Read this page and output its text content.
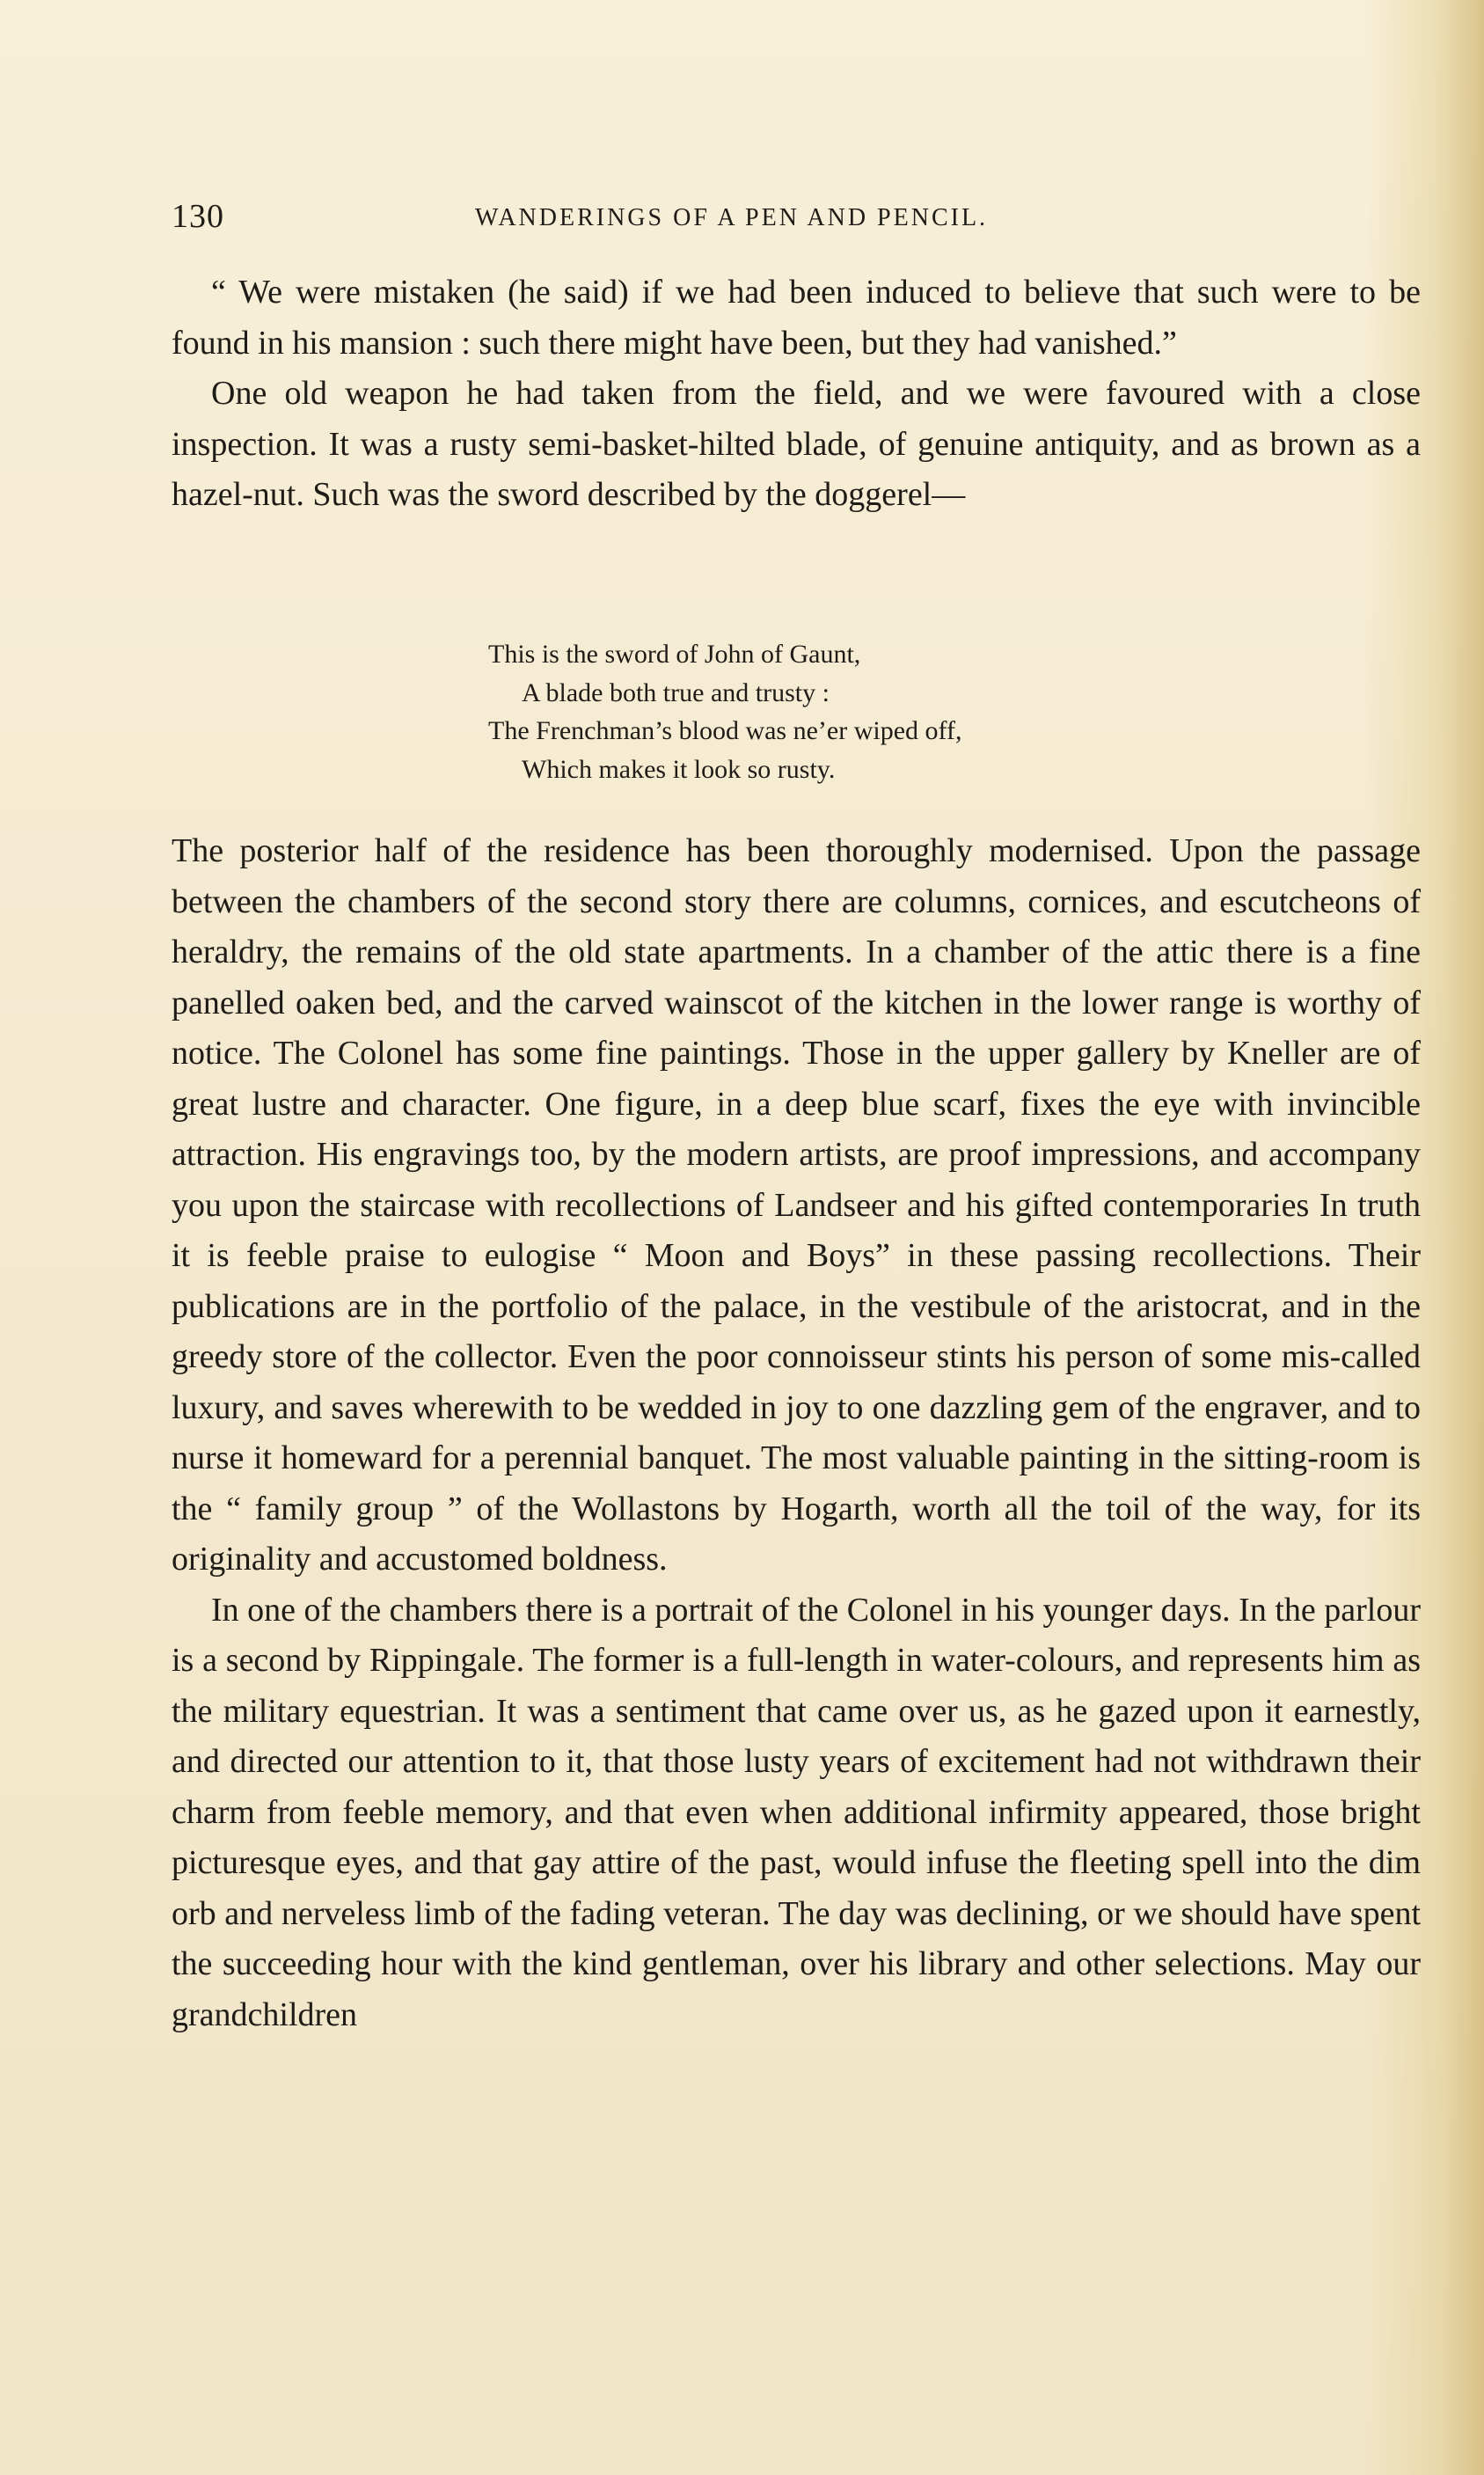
130	WANDERINGS OF A PEN AND PENCIL.

“ We were mistaken (he said) if we had been induced to believe that such were to be found in his mansion : such there might have been, but they had vanished.”

One old weapon he had taken from the field, and we were favoured with a close inspection. It was a rusty semi-basket-hilted blade, of genuine antiquity, and as brown as a hazel-nut. Such was the sword described by the doggerel—

This is the sword of John of Gaunt,
A blade both true and trusty :
The Frenchman’s blood was ne’er wiped off,
Which makes it look so rusty.

The posterior half of the residence has been thoroughly modernised. Upon the passage between the chambers of the second story there are columns, cornices, and escutcheons of heraldry, the remains of the old state apartments. In a chamber of the attic there is a fine panelled oaken bed, and the carved wainscot of the kitchen in the lower range is worthy of notice. The Colonel has some fine paintings. Those in the upper gallery by Kneller are of great lustre and character. One figure, in a deep blue scarf, fixes the eye with invincible attraction. His engravings too, by the modern artists, are proof impressions, and accompany you upon the staircase with recollections of Landseer and his gifted contemporaries In truth it is feeble praise to eulogise “ Moon and Boys” in these passing recollections. Their publications are in the portfolio of the palace, in the vestibule of the aristocrat, and in the greedy store of the collector. Even the poor connoisseur stints his person of some mis-called luxury, and saves wherewith to be wedded in joy to one dazzling gem of the engraver, and to nurse it homeward for a perennial banquet. The most valuable painting in the sitting-room is the “ family group ” of the Wollastons by Hogarth, worth all the toil of the way, for its originality and accustomed boldness.

In one of the chambers there is a portrait of the Colonel in his younger days. In the parlour is a second by Rippingale. The former is a full-length in water-colours, and represents him as the military equestrian. It was a sentiment that came over us, as he gazed upon it earnestly, and directed our attention to it, that those lusty years of excitement had not withdrawn their charm from feeble memory, and that even when additional infirmity appeared, those bright picturesque eyes, and that gay attire of the past, would infuse the fleeting spell into the dim orb and nerveless limb of the fading veteran. The day was declining, or we should have spent the succeeding hour with the kind gentleman, over his library and other selections. May our grandchildren
